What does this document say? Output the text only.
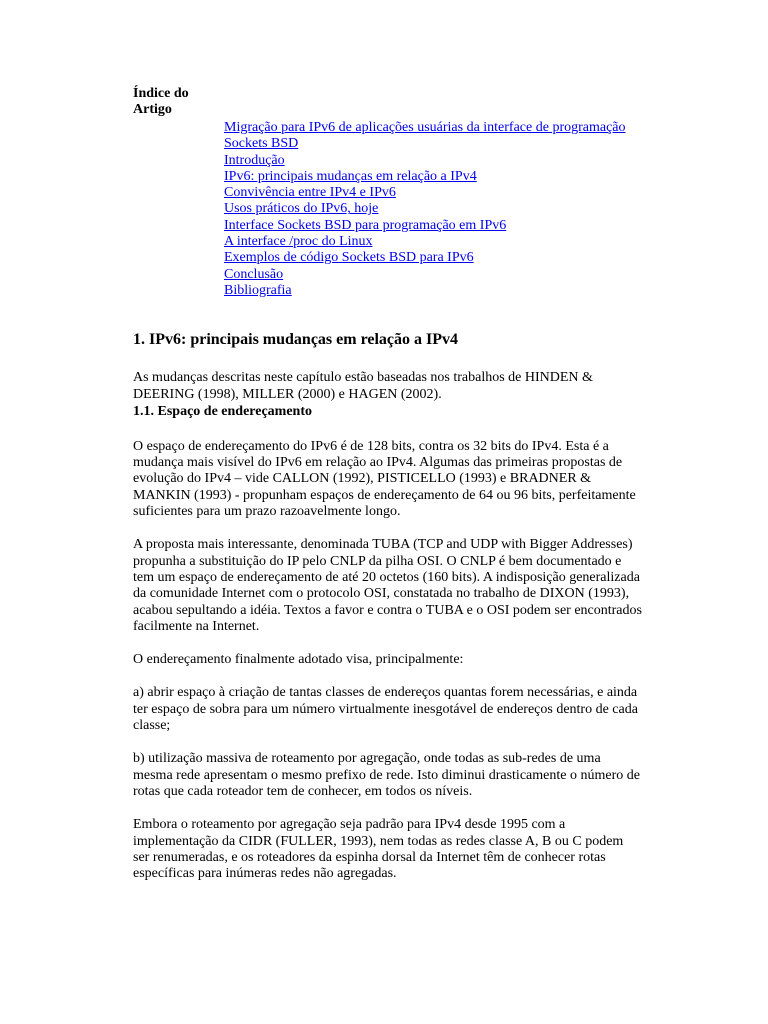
Índice do Artigo
Migração para IPv6 de aplicações usuárias da interface de programação Sockets BSD
Introdução
IPv6: principais mudanças em relação a IPv4
Convivência entre IPv4 e IPv6
Usos práticos do IPv6, hoje
Interface Sockets BSD para programação em IPv6
A interface /proc do Linux
Exemplos de código Sockets BSD para IPv6
Conclusão
Bibliografia
1. IPv6: principais mudanças em relação a IPv4

As mudanças descritas neste capítulo estão baseadas nos trabalhos de HINDEN & DEERING (1998), MILLER (2000) e HAGEN (2002).

1.1. Espaço de endereçamento

O espaço de endereçamento do IPv6 é de 128 bits, contra os 32 bits do IPv4. Esta é a mudança mais visível do IPv6 em relação ao IPv4. Algumas das primeiras propostas de evolução do IPv4 – vide CALLON (1992), PISTICELLO (1993) e BRADNER & MANKIN (1993) - propunham espaços de endereçamento de 64 ou 96 bits, perfeitamente suficientes para um prazo razoavelmente longo.

A proposta mais interessante, denominada TUBA (TCP and UDP with Bigger Addresses) propunha a substituição do IP pelo CNLP da pilha OSI. O CNLP é bem documentado e tem um espaço de endereçamento de até 20 octetos (160 bits). A indisposição generalizada da comunidade Internet com o protocolo OSI, constatada no trabalho de DIXON (1993), acabou sepultando a idéia. Textos a favor e contra o TUBA e o OSI podem ser encontrados facilmente na Internet.

O endereçamento finalmente adotado visa, principalmente:

a) abrir espaço à criação de tantas classes de endereços quantas forem necessárias, e ainda ter espaço de sobra para um número virtualmente inesgotável de endereços dentro de cada classe;

b) utilização massiva de roteamento por agregação, onde todas as sub-redes de uma mesma rede apresentam o mesmo prefixo de rede. Isto diminui drasticamente o número de rotas que cada roteador tem de conhecer, em todos os níveis.

Embora o roteamento por agregação seja padrão para IPv4 desde 1995 com a implementação da CIDR (FULLER, 1993), nem todas as redes classe A, B ou C podem ser renumeradas, e os roteadores da espinha dorsal da Internet têm de conhecer rotas específicas para inúmeras redes não agregadas.
